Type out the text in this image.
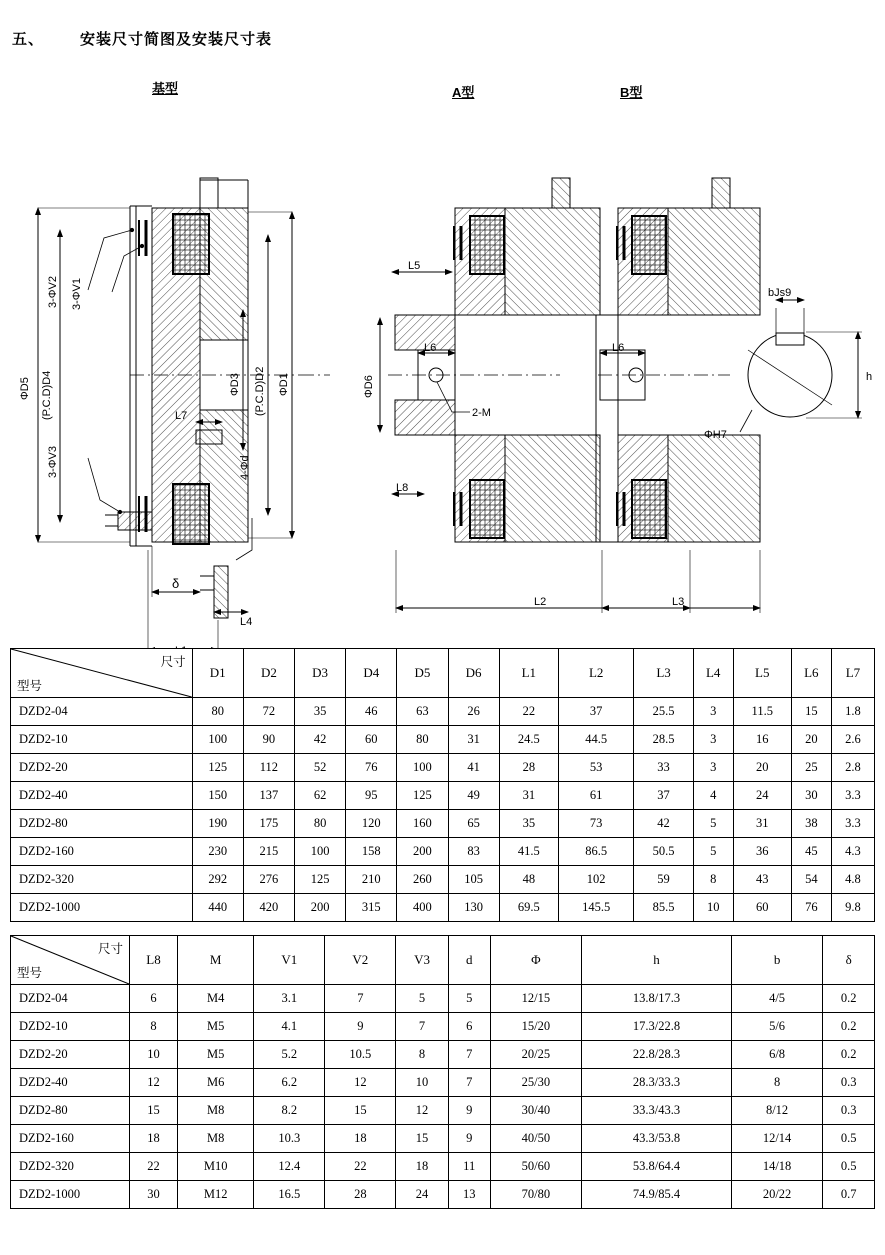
五、 安装尺寸简图及安装尺寸表
基型	A型	B型
ΦD5 (P.C.D)D4	ΦD3 (P.C.D)D2 ΦD1
3-ΦV2 3-ΦV1
3-ΦV3	4-Φd
L7
δ
L4
L5
L6
L8
ΦD6
2-M
L2
L6
L3
bJs9
ΦH7
h
尺寸
型号	D1	D2	D3	D4	D5	D6	L1	L2	L3	L4	L5	L6	L7
DZD2-04	80	72	35	46	63	26	22	37	25.5	3	11.5	15	1.8
DZD2-10	100	90	42	60	80	31	24.5	44.5	28.5	3	16	20	2.6
DZD2-20	125	112	52	76	100	41	28	53	33	3	20	25	2.8
DZD2-40	150	137	62	95	125	49	31	61	37	4	24	30	3.3
DZD2-80	190	175	80	120	160	65	35	73	42	5	31	38	3.3
DZD2-160	230	215	100	158	200	83	41.5	86.5	50.5	5	36	45	4.3
DZD2-320	292	276	125	210	260	105	48	102	59	8	43	54	4.8
DZD2-1000	440	420	200	315	400	130	69.5	145.5	85.5	10	60	76	9.8
尺寸
型号	L8	M	V1	V2	V3	d	Φ	h	b	δ
DZD2-04	6	M4	3.1	7	5	5	12/15	13.8/17.3	4/5	0.2
DZD2-10	8	M5	4.1	9	7	6	15/20	17.3/22.8	5/6	0.2
DZD2-20	10	M5	5.2	10.5	8	7	20/25	22.8/28.3	6/8	0.2
DZD2-40	12	M6	6.2	12	10	7	25/30	28.3/33.3	8	0.3
DZD2-80	15	M8	8.2	15	12	9	30/40	33.3/43.3	8/12	0.3
DZD2-160	18	M8	10.3	18	15	9	40/50	43.3/53.8	12/14	0.5
DZD2-320	22	M10	12.4	22	18	11	50/60	53.8/64.4	14/18	0.5
DZD2-1000	30	M12	16.5	28	24	13	70/80	74.9/85.4	20/22	0.7
